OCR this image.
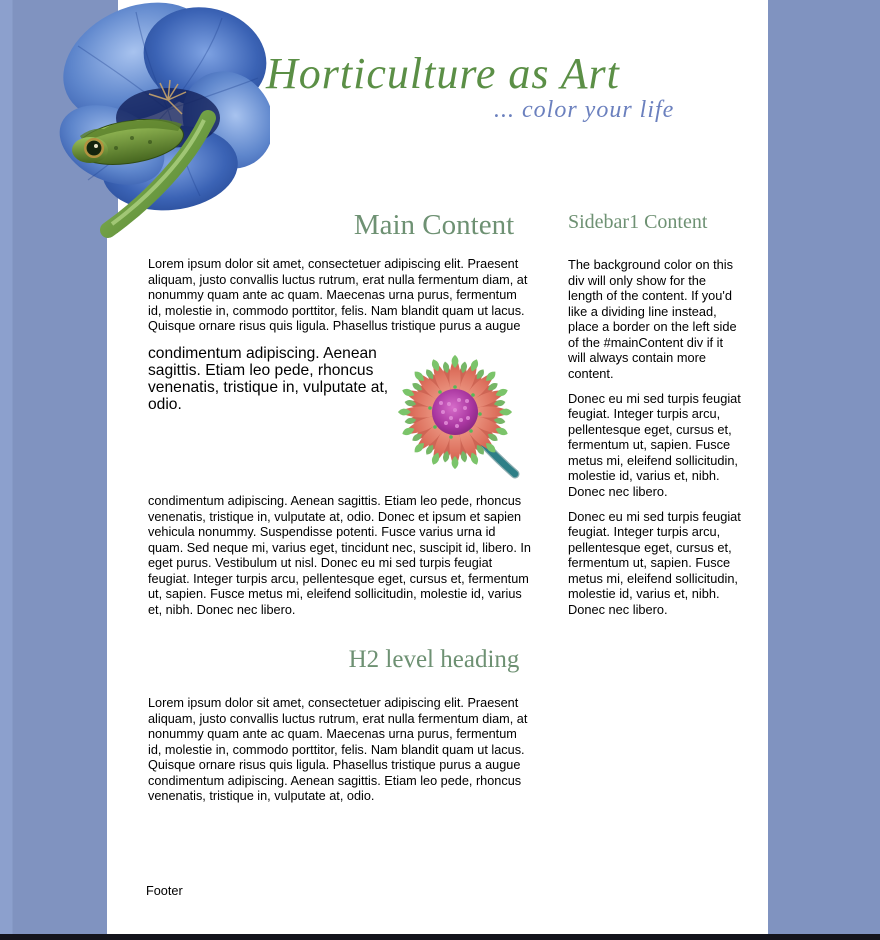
Horticulture as Art
... color your life
Main Content

Lorem ipsum dolor sit amet, consectetuer adipiscing elit. Praesent aliquam, justo convallis luctus rutrum, erat nulla fermentum diam, at nonummy quam ante ac quam. Maecenas urna purus, fermentum id, molestie in, commodo porttitor, felis. Nam blandit quam ut lacus. Quisque ornare risus quis ligula. Phasellus tristique purus a augue

condimentum adipiscing. Aenean sagittis. Etiam leo pede, rhoncus venenatis, tristique in, vulputate at, odio.

condimentum adipiscing. Aenean sagittis. Etiam leo pede, rhoncus venenatis, tristique in, vulputate at, odio. Donec et ipsum et sapien vehicula nonummy. Suspendisse potenti. Fusce varius urna id quam. Sed neque mi, varius eget, tincidunt nec, suscipit id, libero. In eget purus. Vestibulum ut nisl. Donec eu mi sed turpis feugiat feugiat. Integer turpis arcu, pellentesque eget, cursus et, fermentum ut, sapien. Fusce metus mi, eleifend sollicitudin, molestie id, varius et, nibh. Donec nec libero.

H2 level heading

Lorem ipsum dolor sit amet, consectetuer adipiscing elit. Praesent aliquam, justo convallis luctus rutrum, erat nulla fermentum diam, at nonummy quam ante ac quam. Maecenas urna purus, fermentum id, molestie in, commodo porttitor, felis. Nam blandit quam ut lacus. Quisque ornare risus quis ligula. Phasellus tristique purus a augue condimentum adipiscing. Aenean sagittis. Etiam leo pede, rhoncus venenatis, tristique in, vulputate at, odio.

Sidebar1 Content

The background color on this div will only show for the length of the content. If you'd like a dividing line instead, place a border on the left side of the #mainContent div if it will always contain more content.

Donec eu mi sed turpis feugiat feugiat. Integer turpis arcu, pellentesque eget, cursus et, fermentum ut, sapien. Fusce metus mi, eleifend sollicitudin, molestie id, varius et, nibh. Donec nec libero.

Donec eu mi sed turpis feugiat feugiat. Integer turpis arcu, pellentesque eget, cursus et, fermentum ut, sapien. Fusce metus mi, eleifend sollicitudin, molestie id, varius et, nibh. Donec nec libero.

Footer
